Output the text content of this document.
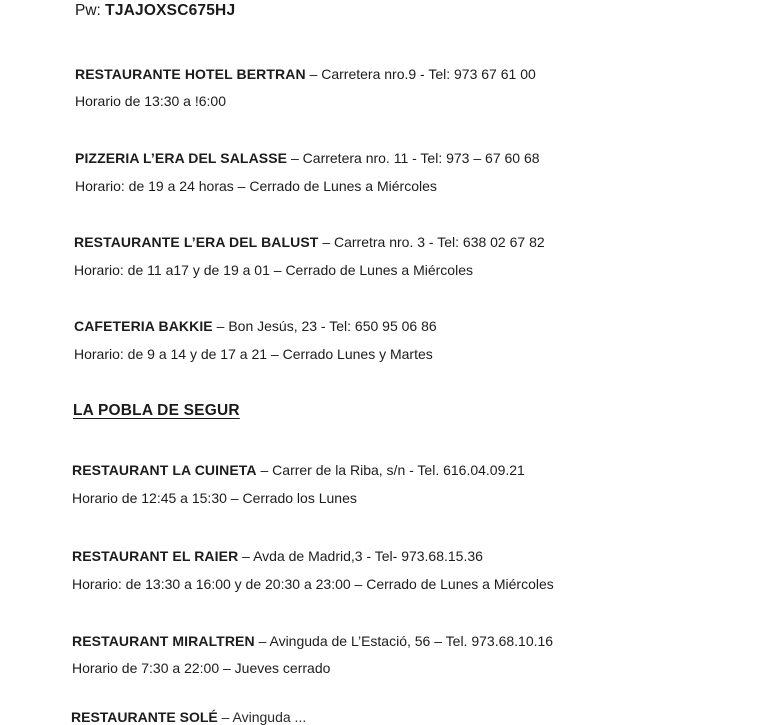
Pw: TJAJOXSC675HJ
RESTAURANTE HOTEL BERTRAN – Carretera nro.9 - Tel: 973 67 61 00
Horario de 13:30 a !6:00
PIZZERIA L’ERA DEL SALASSE – Carretera nro. 11 - Tel: 973 – 67 60 68
Horario: de 19 a 24 horas – Cerrado de Lunes a Miércoles
RESTAURANTE L’ERA DEL BALUST – Carretra nro. 3 - Tel: 638 02 67 82
Horario: de 11 a17 y de 19 a 01 – Cerrado de Lunes a Miércoles
CAFETERIA BAKKIE – Bon Jesús, 23 - Tel: 650 95 06 86
Horario: de 9 a 14 y de 17 a 21 – Cerrado Lunes y Martes
LA POBLA DE SEGUR
RESTAURANT LA CUINETA – Carrer de la Riba, s/n - Tel. 616.04.09.21
Horario de 12:45 a 15:30 – Cerrado los Lunes
RESTAURANT EL RAIER – Avda de Madrid,3 - Tel- 973.68.15.36
Horario: de 13:30 a 16:00 y de 20:30 a 23:00 – Cerrado de Lunes a Miércoles
RESTAURANT MIRALTREN – Avinguda de L’Estació, 56 – Tel. 973.68.10.16
Horario de 7:30 a 22:00 – Jueves cerrado
RESTAURANTE SOLÉ – Avinguda ...
